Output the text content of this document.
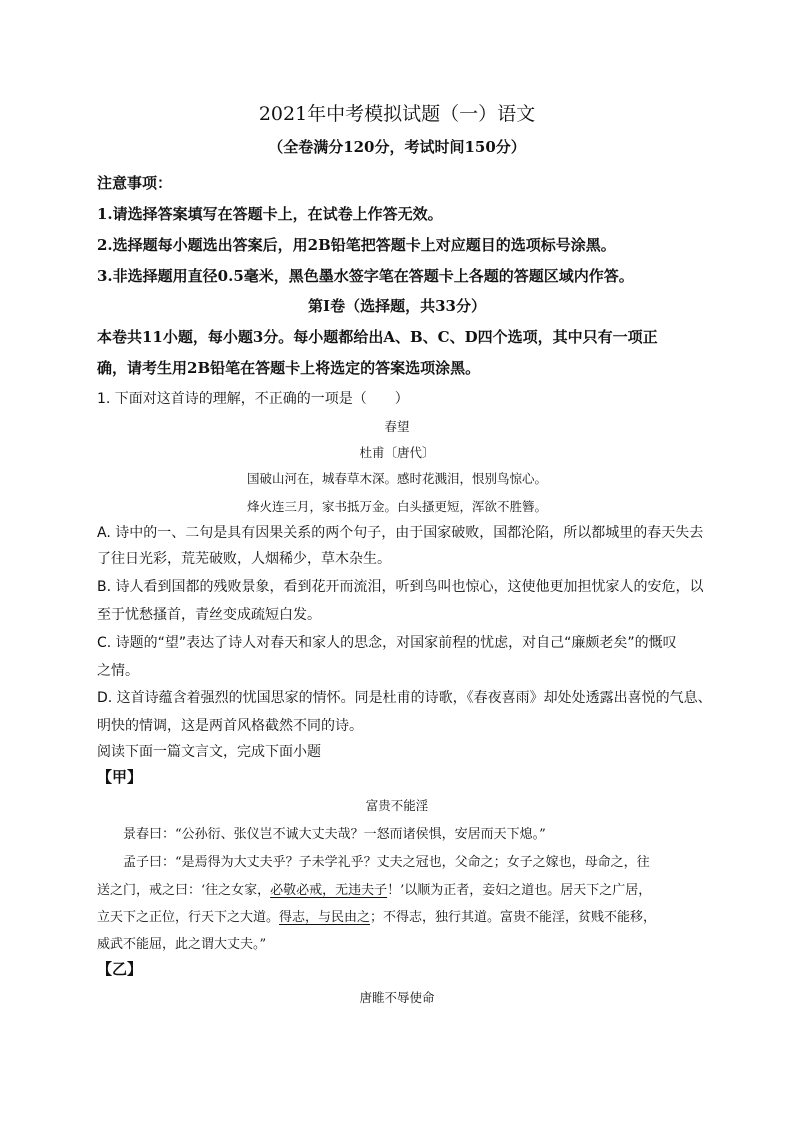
2021年中考模拟试题（一）语文
（全卷满分120分，考试时间150分）
注意事项：
1.请选择答案填写在答题卡上，在试卷上作答无效。
2.选择题每小题选出答案后，用2B铅笔把答题卡上对应题目的选项标号涂黑。
3.非选择题用直径0.5毫米，黑色墨水签字笔在答题卡上各题的答题区域内作答。
第Ⅰ卷（选择题，共33分）
本卷共11小题，每小题3分。每小题都给出A、B、C、D四个选项，其中只有一项正
确，请考生用2B铅笔在答题卡上将选定的答案选项涂黑。
1. 下面对这首诗的理解，不正确的一项是（　　）
春望
杜甫〔唐代〕
国破山河在，城春草木深。感时花溅泪，恨别鸟惊心。
烽火连三月，家书抵万金。白头搔更短，浑欲不胜簪。
A. 诗中的一、二句是具有因果关系的两个句子，由于国家破败，国都沦陷，所以都城里的春天失去
了往日光彩，荒芜破败，人烟稀少，草木杂生。
B. 诗人看到国都的残败景象，看到花开而流泪，听到鸟叫也惊心，这使他更加担忧家人的安危，以
至于忧愁搔首，青丝变成疏短白发。
C. 诗题的“望”表达了诗人对春天和家人的思念，对国家前程的忧虑，对自己“廉颇老矣”的慨叹
之情。
D. 这首诗蕴含着强烈的忧国思家的情怀。同是杜甫的诗歌，《春夜喜雨》却处处透露出喜悦的气息、
明快的情调，这是两首风格截然不同的诗。
阅读下面一篇文言文，完成下面小题
【甲】
富贵不能淫
景春曰：“公孙衍、张仪岂不诚大丈夫哉？一怒而诸侯惧，安居而天下熄。”
孟子曰：“是焉得为大丈夫乎？子未学礼乎？丈夫之冠也，父命之；女子之嫁也，母命之，往
送之门，戒之曰：‘往之女家，必敬必戒，无违夫子！’以顺为正者，妾妇之道也。居天下之广居，
立天下之正位，行天下之大道。得志，与民由之；不得志，独行其道。富贵不能淫，贫贱不能移，
威武不能屈，此之谓大丈夫。”
【乙】
唐睢不辱使命
